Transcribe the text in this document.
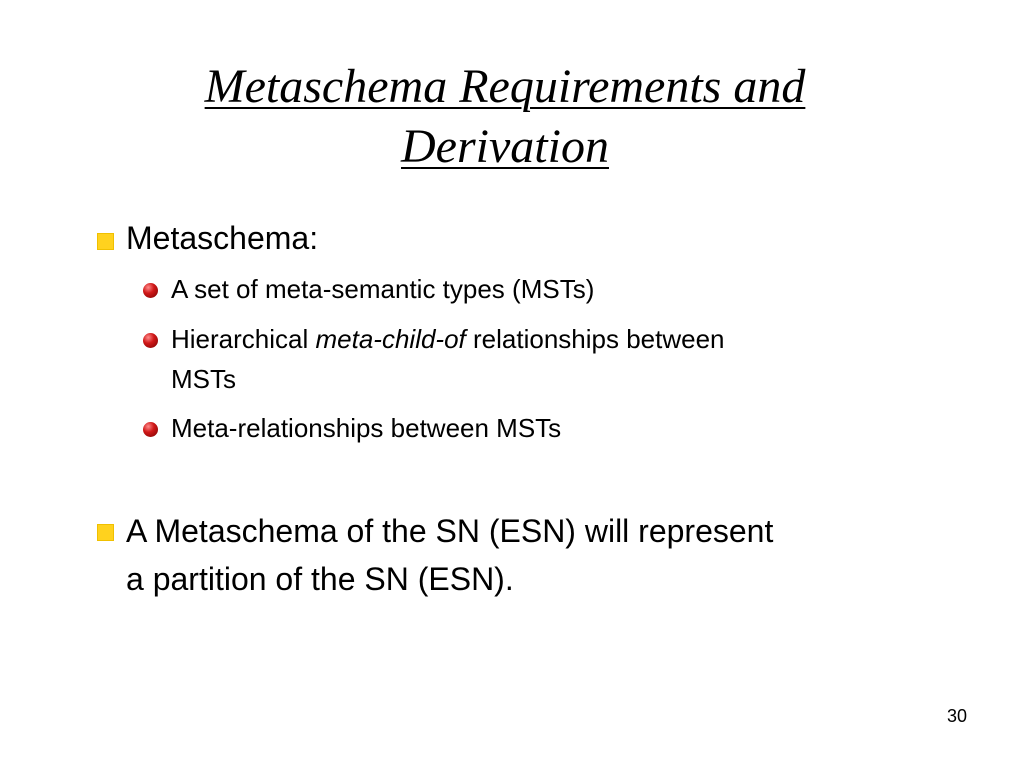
Metaschema Requirements and
Derivation
Metaschema:
A set of meta-semantic types (MSTs)
Hierarchical meta-child-of relationships between
MSTs
Meta-relationships between MSTs
A Metaschema of the SN (ESN) will represent
a partition of the SN (ESN).
30
